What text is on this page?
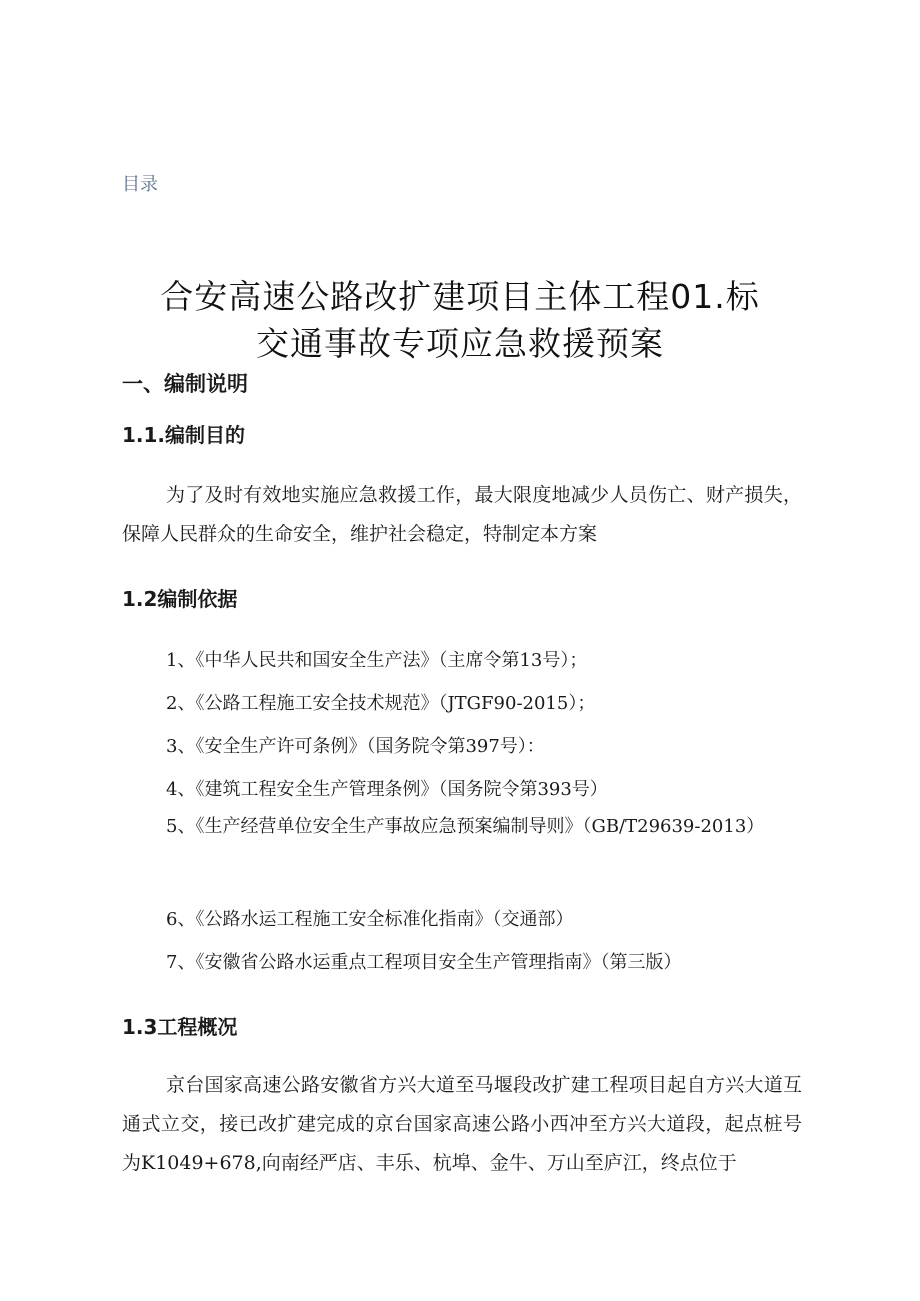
目录
合安高速公路改扩建项目主体工程01.标
交通事故专项应急救援预案
一、编制说明
1.1.编制目的
为了及时有效地实施应急救援工作，最大限度地减少人员伤亡、财产损失，保障人民群众的生命安全，维护社会稳定，特制定本方案
1.2编制依据
1、《中华人民共和国安全生产法》（主席令第13号）；
2、《公路工程施工安全技术规范》（JTGF90-2015）；
3、《安全生产许可条例》（国务院令第397号）：
4、《建筑工程安全生产管理条例》（国务院令第393号）
5、《生产经营单位安全生产事故应急预案编制导则》（GB/T29639-2013）
6、《公路水运工程施工安全标准化指南》（交通部）
7、《安徽省公路水运重点工程项目安全生产管理指南》（第三版）
1.3工程概况
京台国家高速公路安徽省方兴大道至马堰段改扩建工程项目起自方兴大道互通式立交，接已改扩建完成的京台国家高速公路小西冲至方兴大道段，起点桩号为K1049+678,向南经严店、丰乐、杭埠、金牛、万山至庐江，终点位于
